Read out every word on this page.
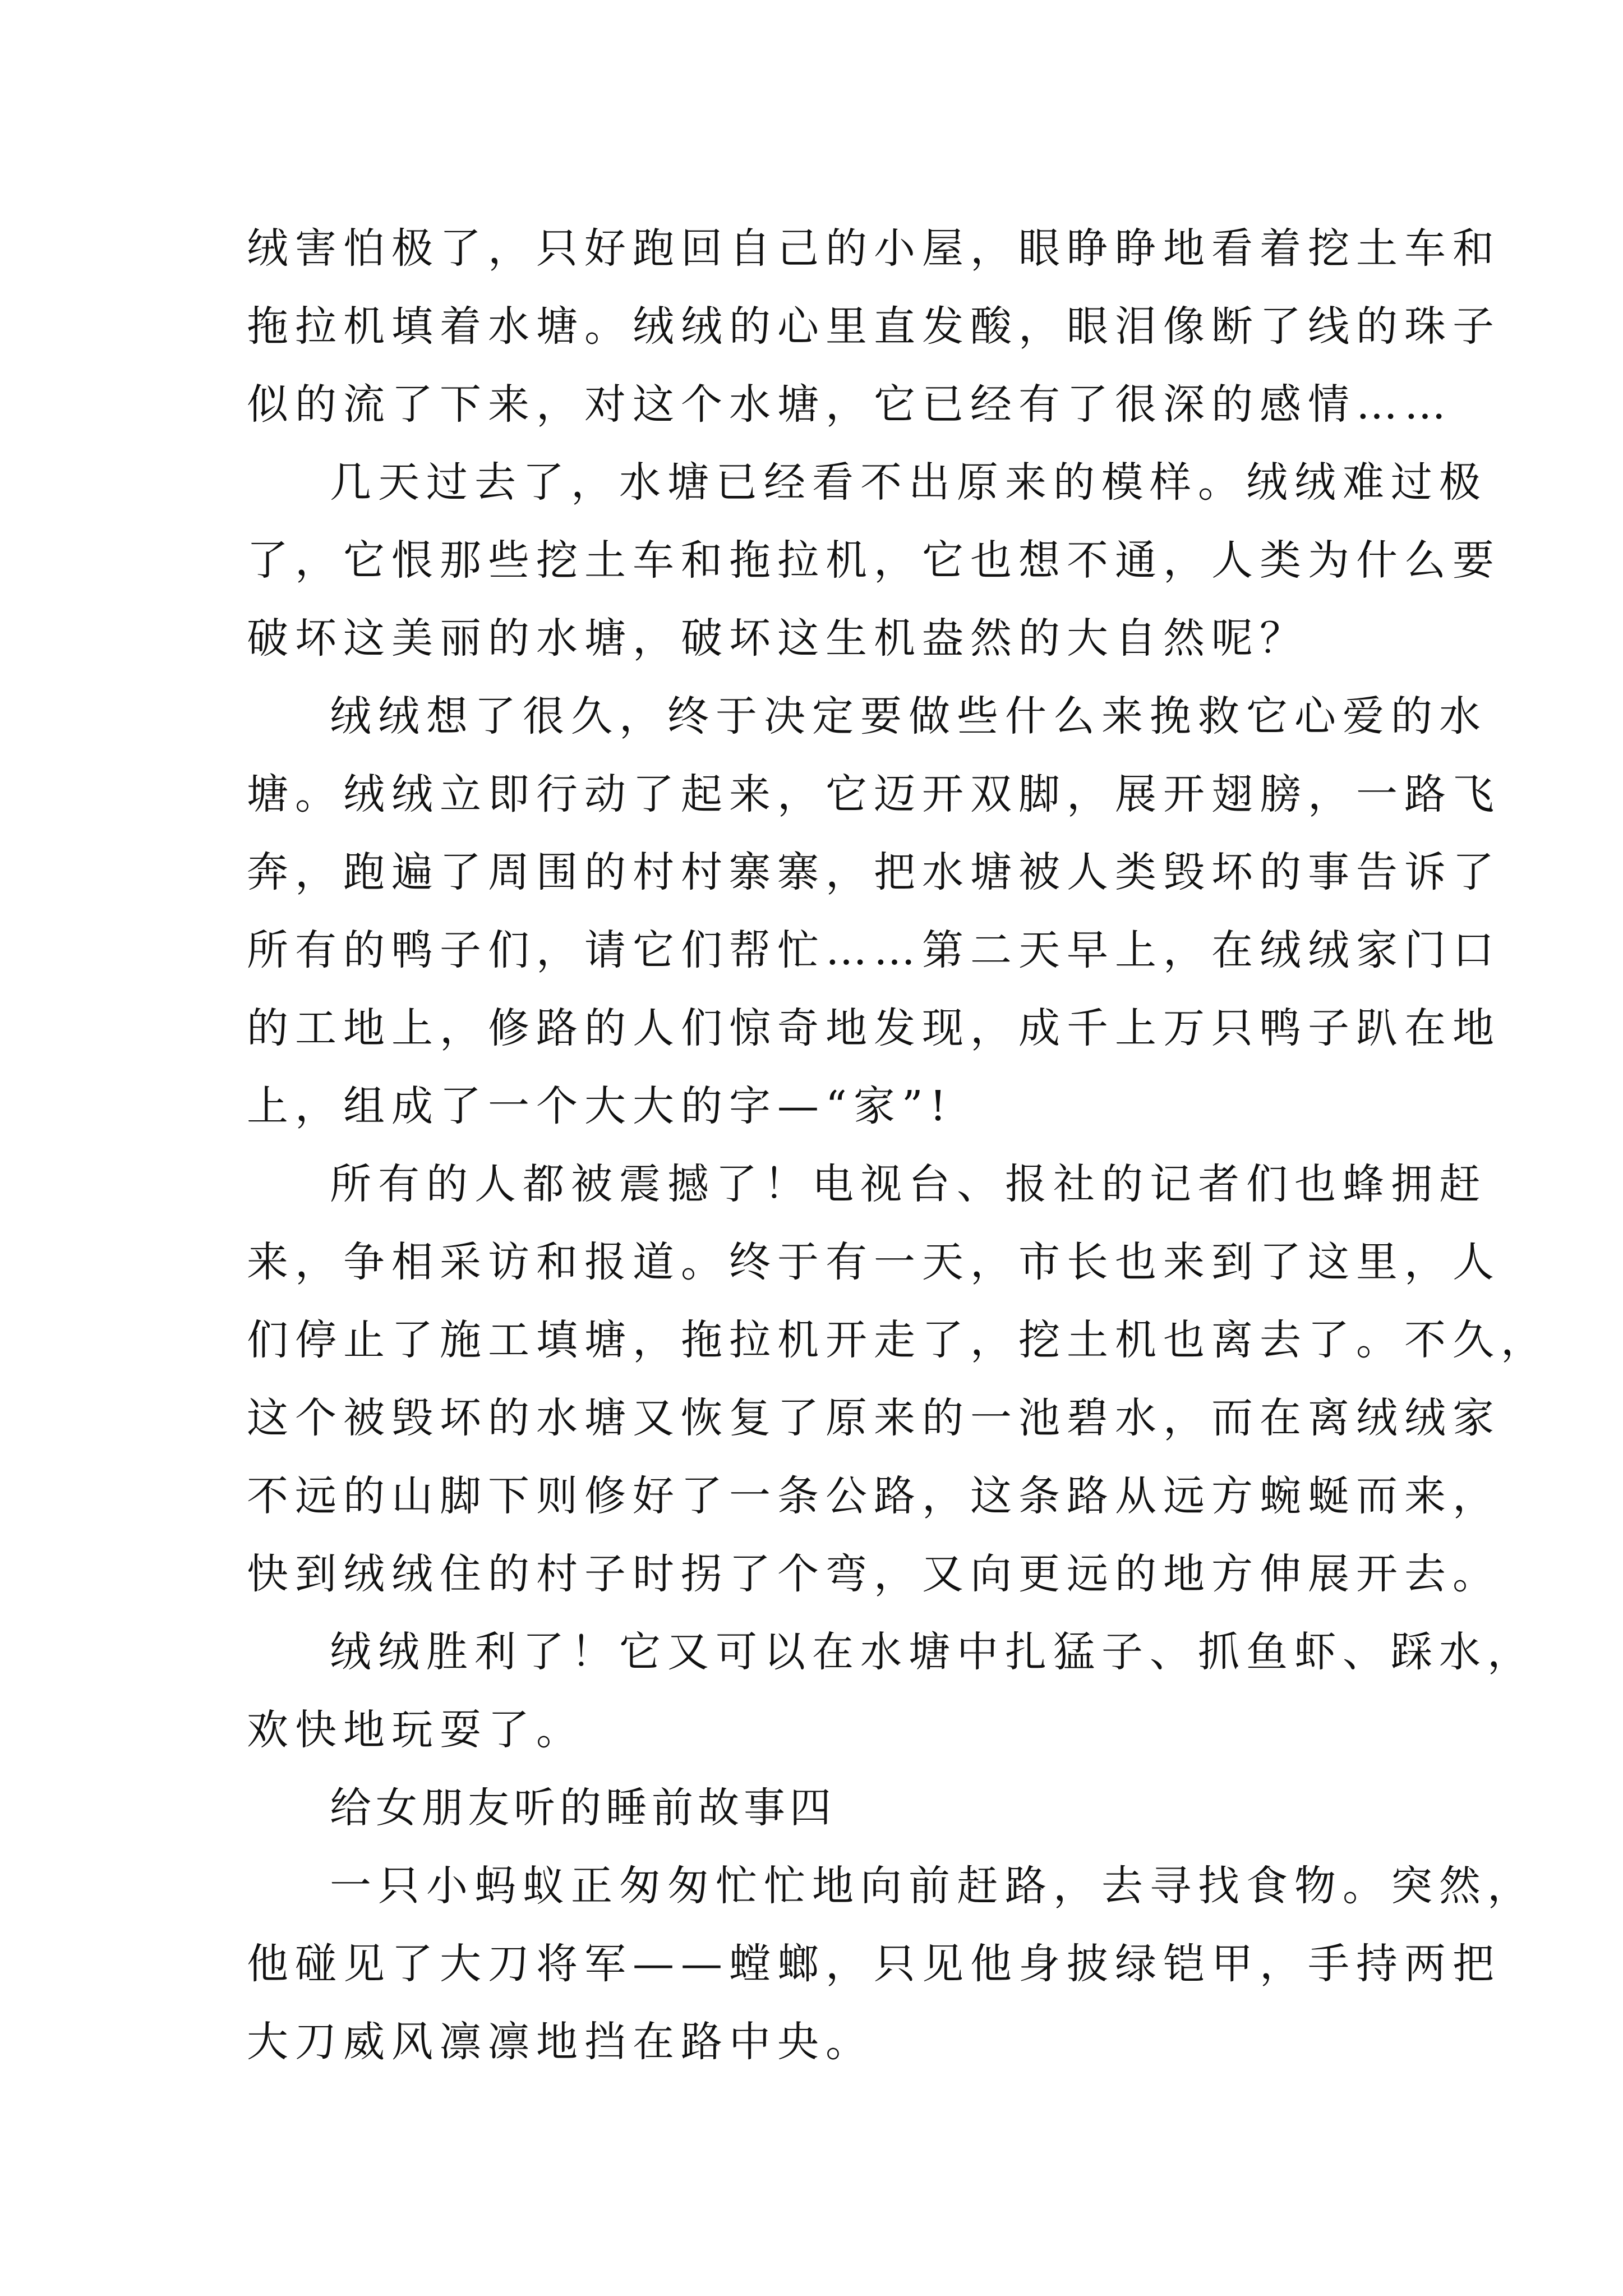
绒害怕极了，只好跑回自己的小屋，眼睁睁地看着挖土车和
拖拉机填着水塘。绒绒的心里直发酸，眼泪像断了线的珠子
似的流了下来，对这个水塘，它已经有了很深的感情……
几天过去了，水塘已经看不出原来的模样。绒绒难过极
了，它恨那些挖土车和拖拉机，它也想不通，人类为什么要
破坏这美丽的水塘，破坏这生机盎然的大自然呢？
绒绒想了很久，终于决定要做些什么来挽救它心爱的水
塘。绒绒立即行动了起来，它迈开双脚，展开翅膀，一路飞
奔，跑遍了周围的村村寨寨，把水塘被人类毁坏的事告诉了
所有的鸭子们，请它们帮忙……第二天早上，在绒绒家门口
的工地上，修路的人们惊奇地发现，成千上万只鸭子趴在地
上，组成了一个大大的字—“家”!
所有的人都被震撼了！电视台、报社的记者们也蜂拥赶
来，争相采访和报道。终于有一天，市长也来到了这里，人
们停止了施工填塘，拖拉机开走了，挖土机也离去了。不久，
这个被毁坏的水塘又恢复了原来的一池碧水，而在离绒绒家
不远的山脚下则修好了一条公路，这条路从远方蜿蜒而来，
快到绒绒住的村子时拐了个弯，又向更远的地方伸展开去。
绒绒胜利了！它又可以在水塘中扎猛子、抓鱼虾、踩水，
欢快地玩耍了。
给女朋友听的睡前故事四
一只小蚂蚁正匆匆忙忙地向前赶路，去寻找食物。突然，
他碰见了大刀将军——螳螂，只见他身披绿铠甲，手持两把
大刀威风凛凛地挡在路中央。
